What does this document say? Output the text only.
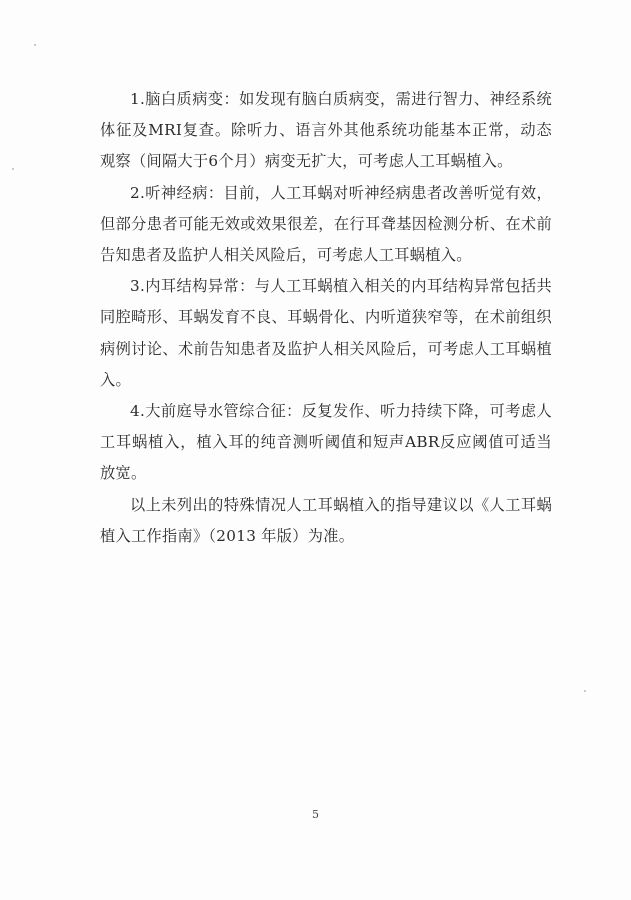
1.脑白质病变：如发现有脑白质病变，需进行智力、神经系统体征及MRI复查。除听力、语言外其他系统功能基本正常，动态观察（间隔大于6个月）病变无扩大，可考虑人工耳蜗植入。

2.听神经病：目前，人工耳蜗对听神经病患者改善听觉有效，但部分患者可能无效或效果很差，在行耳聋基因检测分析、在术前告知患者及监护人相关风险后，可考虑人工耳蜗植入。

3.内耳结构异常：与人工耳蜗植入相关的内耳结构异常包括共同腔畸形、耳蜗发育不良、耳蜗骨化、内听道狭窄等，在术前组织病例讨论、术前告知患者及监护人相关风险后，可考虑人工耳蜗植入。

4.大前庭导水管综合征：反复发作、听力持续下降，可考虑人工耳蜗植入，植入耳的纯音测听阈值和短声ABR反应阈值可适当放宽。

以上未列出的特殊情况人工耳蜗植入的指导建议以《人工耳蜗植入工作指南》（2013 年版）为准。

5
